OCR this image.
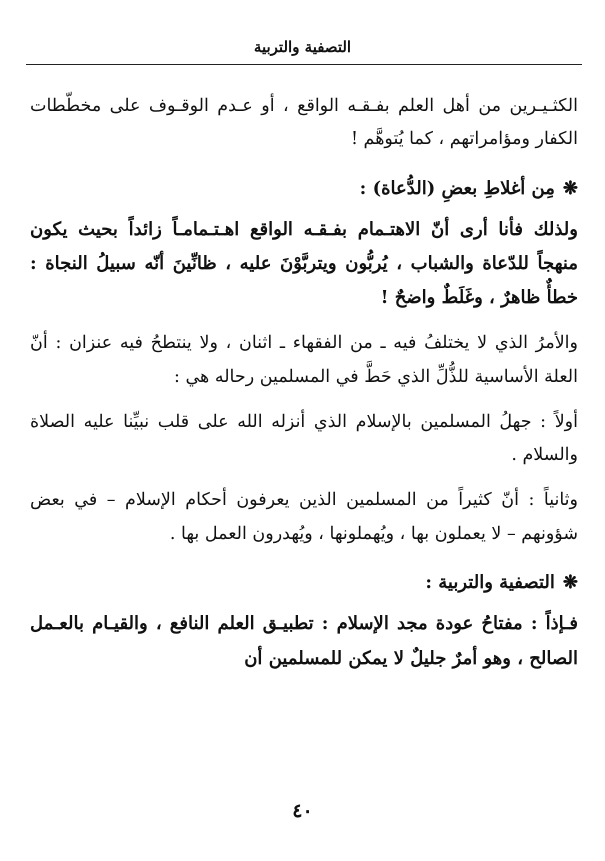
التصفية والتربية

الكثـيـرين من أهل العلم بفـقـه الواقع ، أو عـدم الوقـوف على مخطّطات الكفار ومؤامراتهم ، كما يُتوهَّم !

❋مِن أغلاطِ بعضِ (الدُّعاة) :

ولذلك فأنا أرى أنّ الاهتـمام بفـقـه الواقع اهـتـمامـاً زائداً بحيث يكون منهجاً للدّعاة والشباب ، يُربُّون ويتربَّوْنَ عليه ، ظانِّينَ أنّه سبيلُ النجاة : خطأٌ ظاهرٌ ، وغَلَطٌ واضحٌ !

والأمرُ الذي لا يختلفُ فيه ـ من الفقهاء ـ اثنان ، ولا ينتطحُ فيه عنزان : أنّ العلة الأساسية للذُّلِّ الذي حَطَّ في المسلمين رحاله هي :

أولاً : جهلُ المسلمين بالإسلام الذي أنزله الله على قلب نبيِّنا عليه الصلاة والسلام .

وثانياً : أنّ كثيراً من المسلمين الذين يعرفون أحكام الإسلام – في بعض شؤونهم – لا يعملون بها ، ويُهملونها ، ويُهدرون العمل بها .

❋التصفية والتربية :

فـإذاً : مفتاحُ عودة مجد الإسلام : تطبيـق العلم النافع ، والقيـام بالعـمل الصالح ، وهو أمرٌ جليلٌ لا يمكن للمسلمين أن

٤٠
